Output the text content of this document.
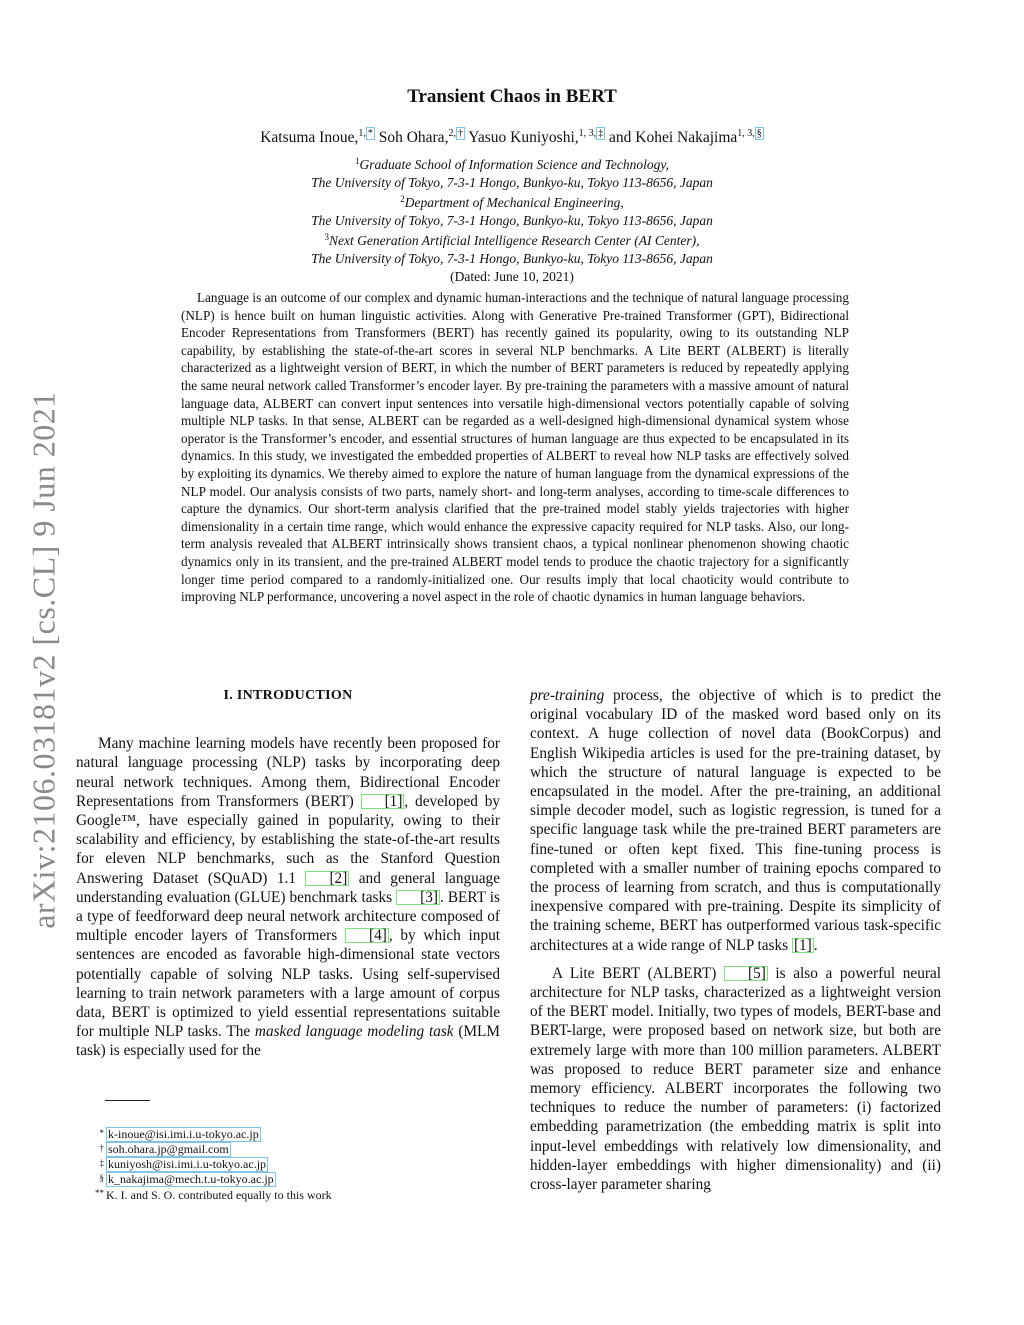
arXiv:2106.03181v2 [cs.CL] 9 Jun 2021
Transient Chaos in BERT
Katsuma Inoue,$^{1, *}$ Soh Ohara,$^{2, \dagger}$ Yasuo Kuniyoshi,$^{1, 3, \ddagger}$ and Kohei Nakajima$^{1, 3, \S}$
$^1$Graduate School of Information Science and Technology,
The University of Tokyo, 7-3-1 Hongo, Bunkyo-ku, Tokyo 113-8656, Japan
$^2$Department of Mechanical Engineering,
The University of Tokyo, 7-3-1 Hongo, Bunkyo-ku, Tokyo 113-8656, Japan
$^3$Next Generation Artificial Intelligence Research Center (AI Center),
The University of Tokyo, 7-3-1 Hongo, Bunkyo-ku, Tokyo 113-8656, Japan
(Dated: June 10, 2021)
Language is an outcome of our complex and dynamic human-interactions and the technique of natural language processing (NLP) is hence built on human linguistic activities. Along with Generative Pre-trained Transformer (GPT), Bidirectional Encoder Representations from Transformers (BERT) has recently gained its popularity, owing to its outstanding NLP capability, by establishing the state-of-the-art scores in several NLP benchmarks. A Lite BERT (ALBERT) is literally characterized as a lightweight version of BERT, in which the number of BERT parameters is reduced by repeatedly applying the same neural network called Transformer’s encoder layer. By pre-training the parameters with a massive amount of natural language data, ALBERT can convert input sentences into versatile high-dimensional vectors potentially capable of solving multiple NLP tasks. In that sense, ALBERT can be regarded as a well-designed high-dimensional dynamical system whose operator is the Transformer’s encoder, and essential structures of human language are thus expected to be encapsulated in its dynamics. In this study, we investigated the embedded properties of ALBERT to reveal how NLP tasks are effectively solved by exploiting its dynamics. We thereby aimed to explore the nature of human language from the dynamical expressions of the NLP model. Our analysis consists of two parts, namely short- and long-term analyses, according to time-scale differences to capture the dynamics. Our short-term analysis clarified that the pre-trained model stably yields trajectories with higher dimensionality in a certain time range, which would enhance the expressive capacity required for NLP tasks. Also, our long-term analysis revealed that ALBERT intrinsically shows transient chaos, a typical nonlinear phenomenon showing chaotic dynamics only in its transient, and the pre-trained ALBERT model tends to produce the chaotic trajectory for a significantly longer time period compared to a randomly-initialized one. Our results imply that local chaoticity would contribute to improving NLP performance, uncovering a novel aspect in the role of chaotic dynamics in human language behaviors.
I. INTRODUCTION

Many machine learning models have recently been proposed for natural language processing (NLP) tasks by incorporating deep neural network techniques. Among them, Bidirectional Encoder Representations from Transformers (BERT) [1] , developed by Google™, have especially gained in popularity, owing to their scalability and efficiency, by establishing the state-of-the-art results for eleven NLP benchmarks, such as the Stanford Question Answering Dataset (SQuAD) 1.1 [2] and general language understanding evaluation (GLUE) benchmark tasks [3] . BERT is a type of feedforward deep neural network architecture composed of multiple encoder layers of Transformers [4] , by which input sentences are encoded as favorable high-dimensional state vectors potentially capable of solving NLP tasks. Using self-supervised learning to train network parameters with a large amount of corpus data, BERT is optimized to yield essential representations suitable for multiple NLP tasks. The masked language modeling task (MLM task) is especially used for the

pre-training process, the objective of which is to predict the original vocabulary ID of the masked word based only on its context. A huge collection of novel data (BookCorpus) and English Wikipedia articles is used for the pre-training dataset, by which the structure of natural language is expected to be encapsulated in the model. After the pre-training, an additional simple decoder model, such as logistic regression, is tuned for a specific language task while the pre-trained BERT parameters are fine-tuned or often kept fixed. This fine-tuning process is completed with a smaller number of training epochs compared to the process of learning from scratch, and thus is computationally inexpensive compared with pre-training. Despite its simplicity of the training scheme, BERT has outperformed various task-specific architectures at a wide range of NLP tasks [1] .

A Lite BERT (ALBERT) [5] is also a powerful neural architecture for NLP tasks, characterized as a lightweight version of the BERT model. Initially, two types of models, BERT-base and BERT-large, were proposed based on network size, but both are extremely large with more than 100 million parameters. ALBERT was proposed to reduce BERT parameter size and enhance memory efficiency. ALBERT incorporates the following two techniques to reduce the number of parameters: (i) factorized embedding parametrization (the embedding matrix is split into input-level embeddings with relatively low dimensionality, and hidden-layer embeddings with higher dimensionality) and (ii) cross-layer parameter sharing

* k-inoue@isi.imi.i.u-tokyo.ac.jp
† soh.ohara.jp@gmail.com
‡ kuniyosh@isi.imi.i.u-tokyo.ac.jp
§ k_nakajima@mech.t.u-tokyo.ac.jp
** K. I. and S. O. contributed equally to this work
